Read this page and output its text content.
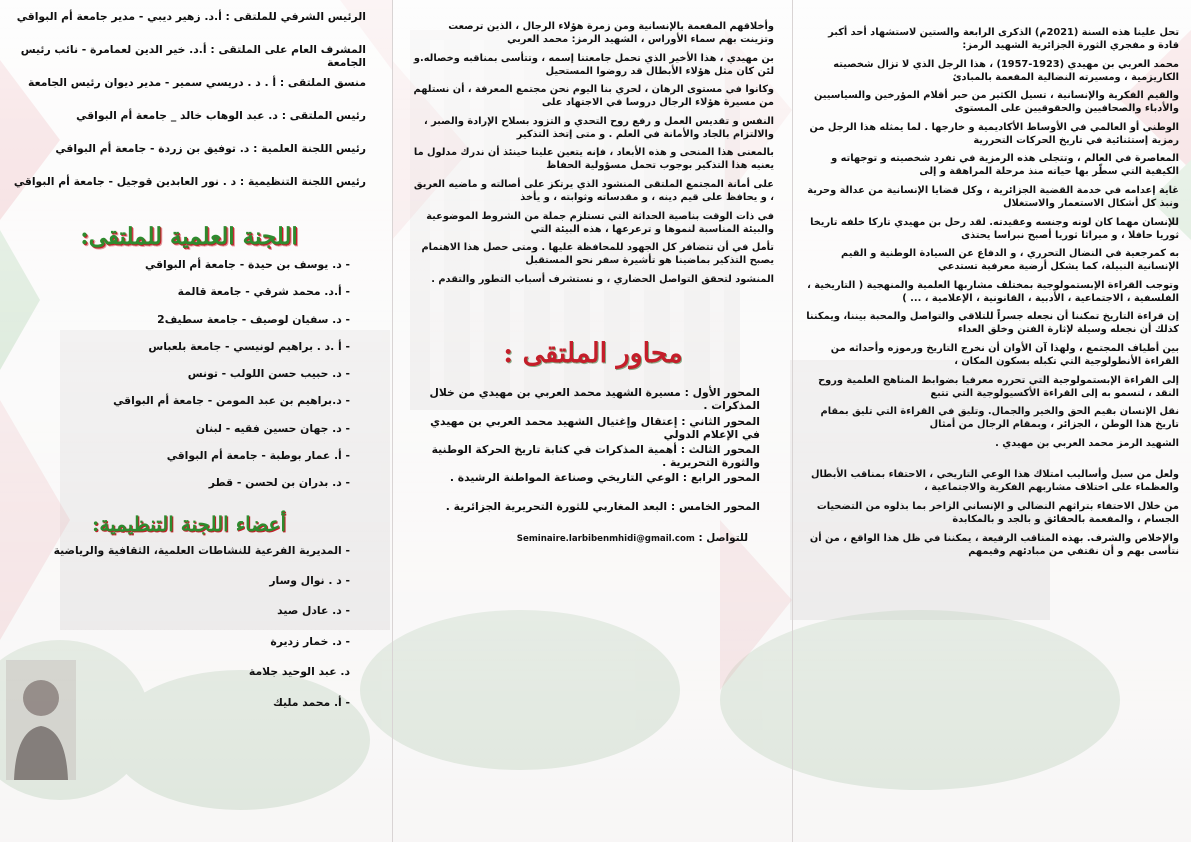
الرئيس الشرفي للملتقى : أ.د. زهير ديبي - مدير جامعة أم البواقي

المشرف العام على الملتقى : أ.د. خير الدين لعمامرة - نائب رئيس الجامعة

منسق الملتقى : أ . د . دريسي سمير - مدير ديوان رئيس الجامعة

رئيس الملتقى : د. عبد الوهاب خالد _ جامعة أم البواقي

رئيس اللجنة العلمية : د. توفيق بن زردة - جامعة أم البواقي

رئيس اللجنة التنظيمية : د . نور العابدين قوجيل - جامعة أم البواقي

اللجنة العلمية للملتقى:

- د. يوسف بن حيدة - جامعة أم البواقي

- أ.د. محمد شرقي - جامعة قالمة

- د. سفيان لوصيف - جامعة سطيف2

- أ .د . براهيم لونيسي - جامعة بلعباس

- د. حبيب حسن اللولب - تونس

- د.براهيم بن عبد المومن - جامعة أم البواقي

- د. جهان حسين فقيه - لبنان

- أ. عمار بوطبة - جامعة أم البواقي

- د. بدران بن لحسن - قطر

أعضاء اللجنة التنظيمية:

- المديرية الفرعية للنشاطات العلمية، الثقافية والرياضية

- د . نوال وسار

- د. عادل صيد

- د. خمار زديرة

د. عبد الوحيد جلامة

- أ. محمد مليك

وأخلاقهم المفعمة بالإنسانية ومن زمرة هؤلاء الرجال ، الذين ترصعت وتزينت بهم سماء الأوراس ، الشهيد الرمز: محمد العربي

بن مهيدي ، هذا الأخير الذي تحمل جامعتنا إسمه ، وتتأسى بمناقبه وخصاله.و لئن كان مثل هؤلاء الأبطال قد روضوا المستحيل

وكانوا في مستوى الرهان ، لحري بنا اليوم نحن مجتمع المعرفة ، أن نستلهم من مسيرة هؤلاء الرجال دروسا في الاجتهاد على

النفس و تقديس العمل و رفع روح التحدي و التزود بسلاح الإرادة والصبر ، والالتزام بالجاد والأمانة في العلم . و متى إتخذ التذكير

بالمعنى هذا المنحى و هذه الأبعاد ، فإنه يتعين علينا حينئذ أن ندرك مدلول ما يعنيه هذا التذكير بوجوب تحمل مسؤولية الحفاظ

على أمانة المجتمع الملتقى المنشود الذي يرتكز على أصالته و ماضيه العريق ، و يحافظ على قيم دينه ، و مقدساته وثوابته ، و يأخذ

في ذات الوقت بناصية الحداثة التي تستلزم جملة من الشروط الموضوعية والبيئة المناسبة لنموها و ترعرعها ، هذه البيئة التي

تأمل في أن تتضافر كل الجهود للمحافظة عليها . ومتى حصل هذا الاهتمام يصبح التذكير بماضينا هو تأشيرة سفر نحو المستقبل

المنشود لتحقق التواصل الحضاري ، و نستشرف أسباب التطور والتقدم .

محاور الملتقى :

المحور الأول : مسيرة الشهيد محمد العربي بن مهيدي من خلال المذكرات .

المحور الثاني : إعتقال وإغتيال الشهيد محمد العربي بن مهيدي في الإعلام الدولي

المحور الثالث : أهمية المذكرات في كتابة تاريخ الحركة الوطنية والثورة التحريرية .

المحور الرابع : الوعي التاريخي وصناعة المواطنة الرشيدة .

المحور الخامس : البعد المغاربي للثورة التحريرية الجزائرية .

للتواصل : Seminaire.larbibenmhidi@gmail.com

تحل علينا هذه السنة (2021م) الذكرى الرابعة والستين لاستشهاد أحد أكبر قادة و مفجري الثورة الجزائرية الشهيد الرمز:

محمد العربي بن مهيدي (1923-1957) ، هذا الرجل الذي لا تزال شخصيته الكاريزمية ، ومسيرته النضالية المفعمة بالمبادئ

والقيم الفكرية والإنسانية ، تسيل الكثير من حبر أقلام المؤرخين والسياسيين والأدباء والصحافيين والحقوقيين على المستوى

الوطني أو العالمي في الأوساط الأكاديمية و خارجها . لما يمثله هذا الرجل من رمزية إستثنائية في تاريخ الحركات التحررية

المعاصرة في العالم ، وتتجلى هذه الرمزية في تفرد شخصيته و توجهاته و الكيفية التي سطّر بها حياته منذ مرحلة المراهقة و إلى

غاية إعدامه في خدمة القضية الجزائرية ، وكل قضايا الإنسانية من عدالة وحرية ونبذ كل أشكال الاستعمار والاستغلال

للإنسان مهما كان لونه وجنسه وعقيدته. لقد رحل بن مهيدي تاركا خلفه تاريخا ثوريا حافلا ، و ميراثا ثوريا أصبح نبراسا يحتذى

به كمرجعية في النضال التحرري ، و الدفاع عن السيادة الوطنية و القيم الإنسانية النبيلة، كما يشكل أرضية معرفية تستدعي

وتوجب القراءة الإبستمولوجية بمختلف مشاربها العلمية والمنهجية ( التاريخية ، الفلسفية ، الاجتماعية ، الأدبية ، القانونية ، الإعلامية ، ... )

إن قراءة التاريخ تمكننا أن نجعله جسراً للتلاقي والتواصل والمحبة بيننا، ويمكننا كذلك أن نجعله وسيلة لإثارة الفتن وخلق العداء

بين أطياف المجتمع ، ولهذا آن الأوان أن نخرج التاريخ ورموزه وأحداثه من القراءة الأنطولوجية التي تكبله بسكون المكان ،

إلى القراءة الإبستمولوجية التي تحرره معرفيا بضوابط المناهج العلمية وروح النقد ، لنسمو به إلى القراءة الأكسيولوجية التي تتبع

نقل الإنسان بقيم الحق والخير والجمال. وتليق في القراءة التي تليق بمقام تاريخ هذا الوطن ، الجزائر ، وبمقام الرجال من أمثال

الشهيد الرمز محمد العربي بن مهيدي .

ولعل من سبل وأساليب امتلاك هذا الوعي التاريخي ، الاحتفاء بمناقب الأبطال والعظماء على اختلاف مشاربهم الفكرية والاجتماعية ،

من خلال الاحتفاء بتراثهم النضالي و الإنساني الزاخر بما بذلوه من التضحيات الجسام ، والمفعمة بالحقائق و بالجد و بالمكابدة

والإخلاص والشرف. بهذه المناقب الرفيعة ، يمكننا في ظل هذا الواقع ، من أن نتأسى بهم و أن نقتفي من مبادئهم وقيمهم
